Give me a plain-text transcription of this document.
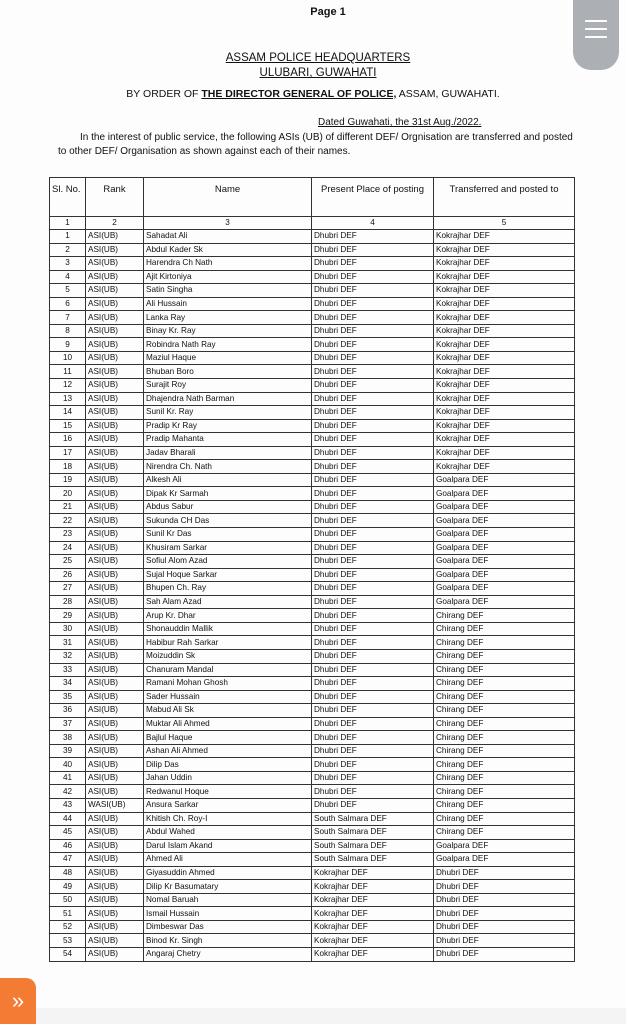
Page 1
ASSAM POLICE HEADQUARTERS
ULUBARI, GUWAHATI
BY ORDER OF THE DIRECTOR GENERAL OF POLICE, ASSAM, GUWAHATI.
Dated Guwahati, the 31st Aug./2022.
In the interest of public service, the following ASIs (UB) of different DEF/ Orgnisation are transferred and posted to other DEF/ Organisation as shown against each of their names.
Sl. No.	Rank	Name	Present Place of posting	Transferred and posted to
1	2	3	4	5
1	ASI(UB)	Sahadat Ali	Dhubri DEF	Kokrajhar DEF
2	ASI(UB)	Abdul Kader Sk	Dhubri DEF	Kokrajhar DEF
3	ASI(UB)	Harendra Ch Nath	Dhubri DEF	Kokrajhar DEF
4	ASI(UB)	Ajit Kirtoniya	Dhubri DEF	Kokrajhar DEF
5	ASI(UB)	Satin Singha	Dhubri DEF	Kokrajhar DEF
6	ASI(UB)	Ali Hussain	Dhubri DEF	Kokrajhar DEF
7	ASI(UB)	Lanka Ray	Dhubri DEF	Kokrajhar DEF
8	ASI(UB)	Binay Kr. Ray	Dhubri DEF	Kokrajhar DEF
9	ASI(UB)	Robindra Nath Ray	Dhubri DEF	Kokrajhar DEF
10	ASI(UB)	Maziul Haque	Dhubri DEF	Kokrajhar DEF
11	ASI(UB)	Bhuban Boro	Dhubri DEF	Kokrajhar DEF
12	ASI(UB)	Surajit Roy	Dhubri DEF	Kokrajhar DEF
13	ASI(UB)	Dhajendra Nath Barman	Dhubri DEF	Kokrajhar DEF
14	ASI(UB)	Sunil Kr. Ray	Dhubri DEF	Kokrajhar DEF
15	ASI(UB)	Pradip Kr Ray	Dhubri DEF	Kokrajhar DEF
16	ASI(UB)	Pradip Mahanta	Dhubri DEF	Kokrajhar DEF
17	ASI(UB)	Jadav Bharali	Dhubri DEF	Kokrajhar DEF
18	ASI(UB)	Nirendra Ch. Nath	Dhubri DEF	Kokrajhar DEF
19	ASI(UB)	Alkesh Ali	Dhubri DEF	Goalpara DEF
20	ASI(UB)	Dipak Kr Sarmah	Dhubri DEF	Goalpara DEF
21	ASI(UB)	Abdus Sabur	Dhubri DEF	Goalpara DEF
22	ASI(UB)	Sukunda CH Das	Dhubri DEF	Goalpara DEF
23	ASI(UB)	Sunil Kr Das	Dhubri DEF	Goalpara DEF
24	ASI(UB)	Khusiram Sarkar	Dhubri DEF	Goalpara DEF
25	ASI(UB)	Sofiul Alom Azad	Dhubri DEF	Goalpara DEF
26	ASI(UB)	Sujal Hoque Sarkar	Dhubri DEF	Goalpara DEF
27	ASI(UB)	Bhupen Ch. Ray	Dhubri DEF	Goalpara DEF
28	ASI(UB)	Sah Alam Azad	Dhubri DEF	Goalpara DEF
29	ASI(UB)	Arup Kr. Dhar	Dhubri DEF	Chirang DEF
30	ASI(UB)	Shonauddin Mallik	Dhubri DEF	Chirang DEF
31	ASI(UB)	Habibur Rah Sarkar	Dhubri DEF	Chirang DEF
32	ASI(UB)	Moizuddin Sk	Dhubri DEF	Chirang DEF
33	ASI(UB)	Chanuram Mandal	Dhubri DEF	Chirang DEF
34	ASI(UB)	Ramani Mohan Ghosh	Dhubri DEF	Chirang DEF
35	ASI(UB)	Sader Hussain	Dhubri DEF	Chirang DEF
36	ASI(UB)	Mabud Ali Sk	Dhubri DEF	Chirang DEF
37	ASI(UB)	Muktar Ali Ahmed	Dhubri DEF	Chirang DEF
38	ASI(UB)	Bajlul Haque	Dhubri DEF	Chirang DEF
39	ASI(UB)	Ashan Ali Ahmed	Dhubri DEF	Chirang DEF
40	ASI(UB)	Dilip Das	Dhubri DEF	Chirang DEF
41	ASI(UB)	Jahan Uddin	Dhubri DEF	Chirang DEF
42	ASI(UB)	Redwanul Hoque	Dhubri DEF	Chirang DEF
43	WASI(UB)	Ansura Sarkar	Dhubri DEF	Chirang DEF
44	ASI(UB)	Khitish Ch. Roy-I	South Salmara DEF	Chirang DEF
45	ASI(UB)	Abdul Wahed	South Salmara DEF	Chirang DEF
46	ASI(UB)	Darul Islam Akand	South Salmara DEF	Goalpara DEF
47	ASI(UB)	Ahmed Ali	South Salmara DEF	Goalpara DEF
48	ASI(UB)	Giyasuddin Ahmed	Kokrajhar DEF	Dhubri DEF
49	ASI(UB)	Dilip Kr Basumatary	Kokrajhar DEF	Dhubri DEF
50	ASI(UB)	Nomal Baruah	Kokrajhar DEF	Dhubri DEF
51	ASI(UB)	Ismail Hussain	Kokrajhar DEF	Dhubri DEF
52	ASI(UB)	Dimbeswar Das	Kokrajhar DEF	Dhubri DEF
53	ASI(UB)	Binod Kr. Singh	Kokrajhar DEF	Dhubri DEF
54	ASI(UB)	Angaraj Chetry	Kokrajhar DEF	Dhubri DEF
»
